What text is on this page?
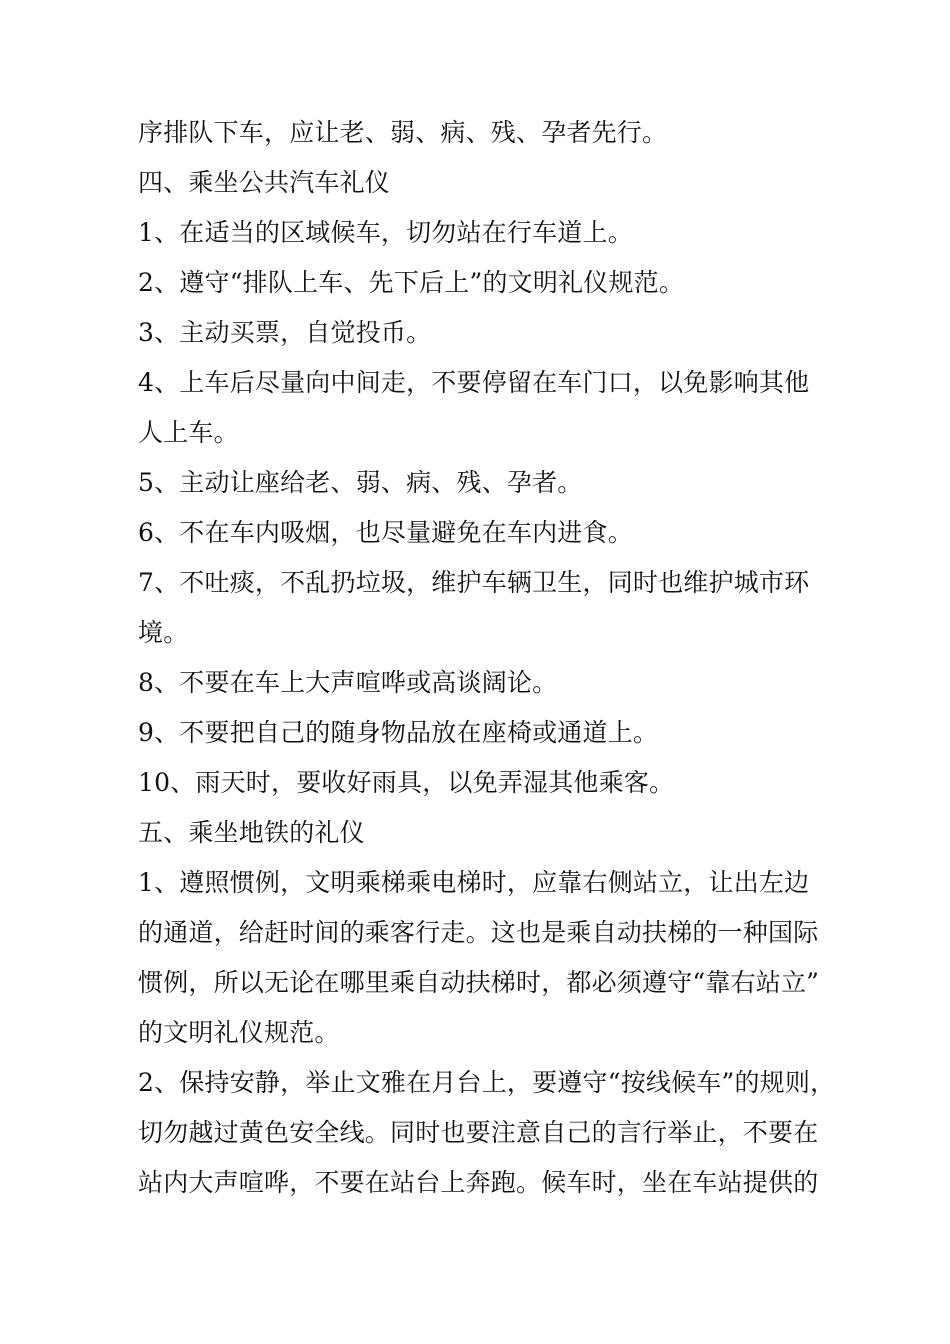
序排队下车，应让老、弱、病、残、孕者先行。
四、乘坐公共汽车礼仪
1、在适当的区域候车，切勿站在行车道上。
2、遵守“排队上车、先下后上”的文明礼仪规范。
3、主动买票，自觉投币。
4、上车后尽量向中间走，不要停留在车门口，以免影响其他
人上车。
5、主动让座给老、弱、病、残、孕者。
6、不在车内吸烟，也尽量避免在车内进食。
7、不吐痰，不乱扔垃圾，维护车辆卫生，同时也维护城市环
境。
8、不要在车上大声喧哗或高谈阔论。
9、不要把自己的随身物品放在座椅或通道上。
10、雨天时，要收好雨具，以免弄湿其他乘客。
五、乘坐地铁的礼仪
1、遵照惯例，文明乘梯乘电梯时，应靠右侧站立，让出左边
的通道，给赶时间的乘客行走。这也是乘自动扶梯的一种国际
惯例，所以无论在哪里乘自动扶梯时，都必须遵守“靠右站立”
的文明礼仪规范。
2、保持安静，举止文雅在月台上，要遵守“按线候车”的规则，
切勿越过黄色安全线。同时也要注意自己的言行举止，不要在
站内大声喧哗，不要在站台上奔跑。候车时，坐在车站提供的
